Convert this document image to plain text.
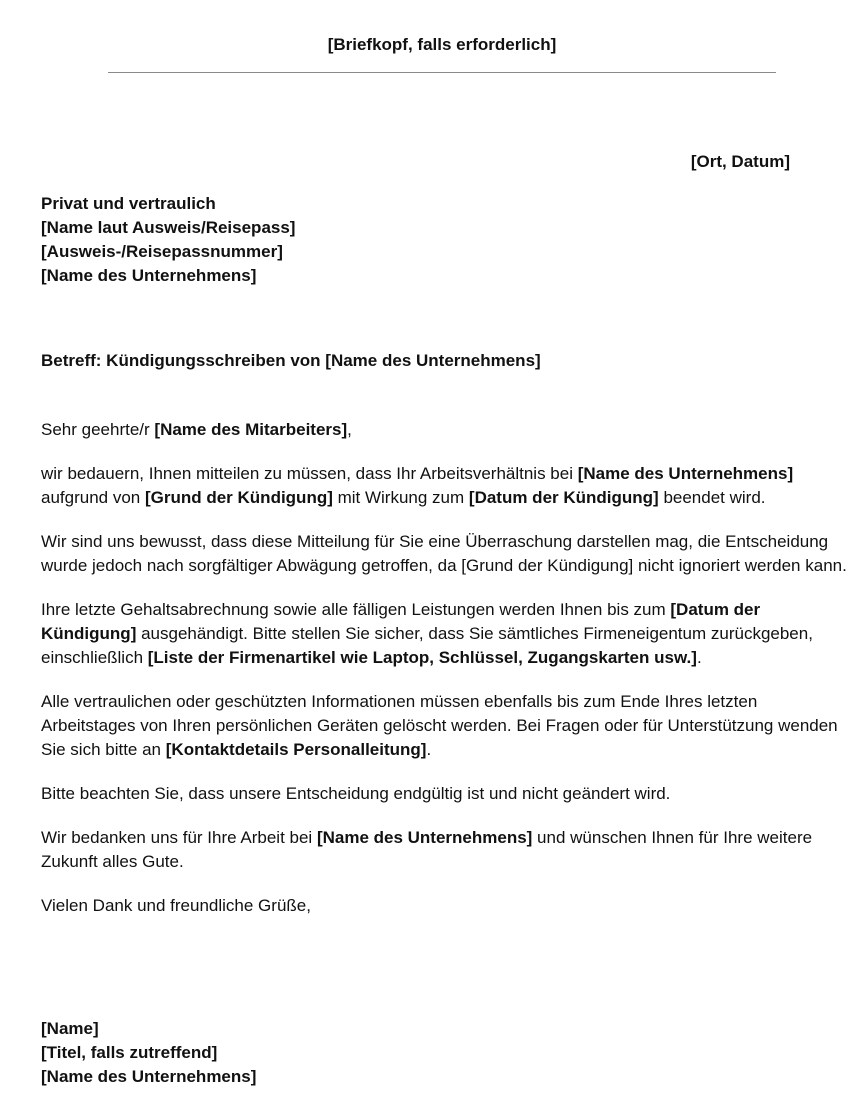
[Briefkopf, falls erforderlich]
[Ort, Datum]
Privat und vertraulich
[Name laut Ausweis/Reisepass]
[Ausweis-/Reisepassnummer]
[Name des Unternehmens]
Betreff: Kündigungsschreiben von [Name des Unternehmens]

Sehr geehrte/r [Name des Mitarbeiters],

wir bedauern, Ihnen mitteilen zu müssen, dass Ihr Arbeitsverhältnis bei [Name des Unternehmens] aufgrund von [Grund der Kündigung] mit Wirkung zum [Datum der Kündigung] beendet wird.

Wir sind uns bewusst, dass diese Mitteilung für Sie eine Überraschung darstellen mag, die Entscheidung wurde jedoch nach sorgfältiger Abwägung getroffen, da [Grund der Kündigung] nicht ignoriert werden kann.

Ihre letzte Gehaltsabrechnung sowie alle fälligen Leistungen werden Ihnen bis zum [Datum der Kündigung] ausgehändigt. Bitte stellen Sie sicher, dass Sie sämtliches Firmeneigentum zurückgeben, einschließlich [Liste der Firmenartikel wie Laptop, Schlüssel, Zugangskarten usw.].

Alle vertraulichen oder geschützten Informationen müssen ebenfalls bis zum Ende Ihres letzten Arbeitstages von Ihren persönlichen Geräten gelöscht werden. Bei Fragen oder für Unterstützung wenden Sie sich bitte an [Kontaktdetails Personalleitung].

Bitte beachten Sie, dass unsere Entscheidung endgültig ist und nicht geändert wird.

Wir bedanken uns für Ihre Arbeit bei [Name des Unternehmens] und wünschen Ihnen für Ihre weitere Zukunft alles Gute.

Vielen Dank und freundliche Grüße,

[Name]
[Titel, falls zutreffend]
[Name des Unternehmens]
